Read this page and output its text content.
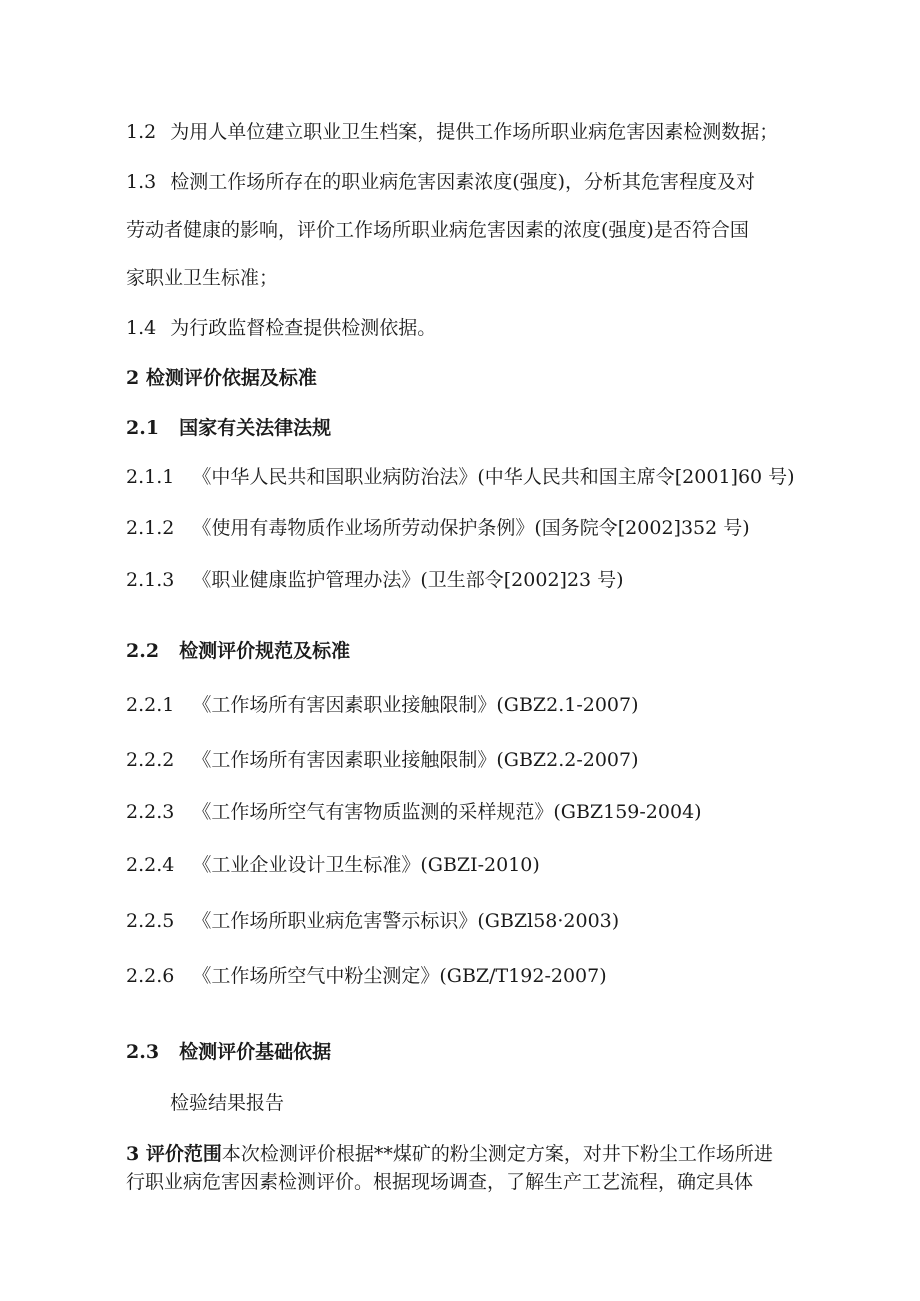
1.2 为用人单位建立职业卫生档案，提供工作场所职业病危害因素检测数据；
1.3 检测工作场所存在的职业病危害因素浓度(强度)，分析其危害程度及对
劳动者健康的影响，评价工作场所职业病危害因素的浓度(强度)是否符合国
家职业卫生标准；
1.4 为行政监督检查提供检测依据。
2 检测评价依据及标准
2.1 国家有关法律法规
2.1.1 《中华人民共和国职业病防治法》(中华人民共和国主席令[2001]60 号)
2.1.2 《使用有毒物质作业场所劳动保护条例》(国务院令[2002]352 号)
2.1.3 《职业健康监护管理办法》(卫生部令[2002]23 号)
2.2 检测评价规范及标准
2.2.1 《工作场所有害因素职业接触限制》(GBZ2.1-2007)
2.2.2 《工作场所有害因素职业接触限制》(GBZ2.2-2007)
2.2.3 《工作场所空气有害物质监测的采样规范》(GBZ159-2004)
2.2.4 《工业企业设计卫生标准》(GBZI-2010)
2.2.5 《工作场所职业病危害警示标识》(GBZl58·2003)
2.2.6 《工作场所空气中粉尘测定》(GBZ/T192-2007)
2.3 检测评价基础依据
检验结果报告
3 评价范围本次检测评价根据**煤矿的粉尘测定方案，对井下粉尘工作场所进
行职业病危害因素检测评价。根据现场调查，了解生产工艺流程，确定具体
